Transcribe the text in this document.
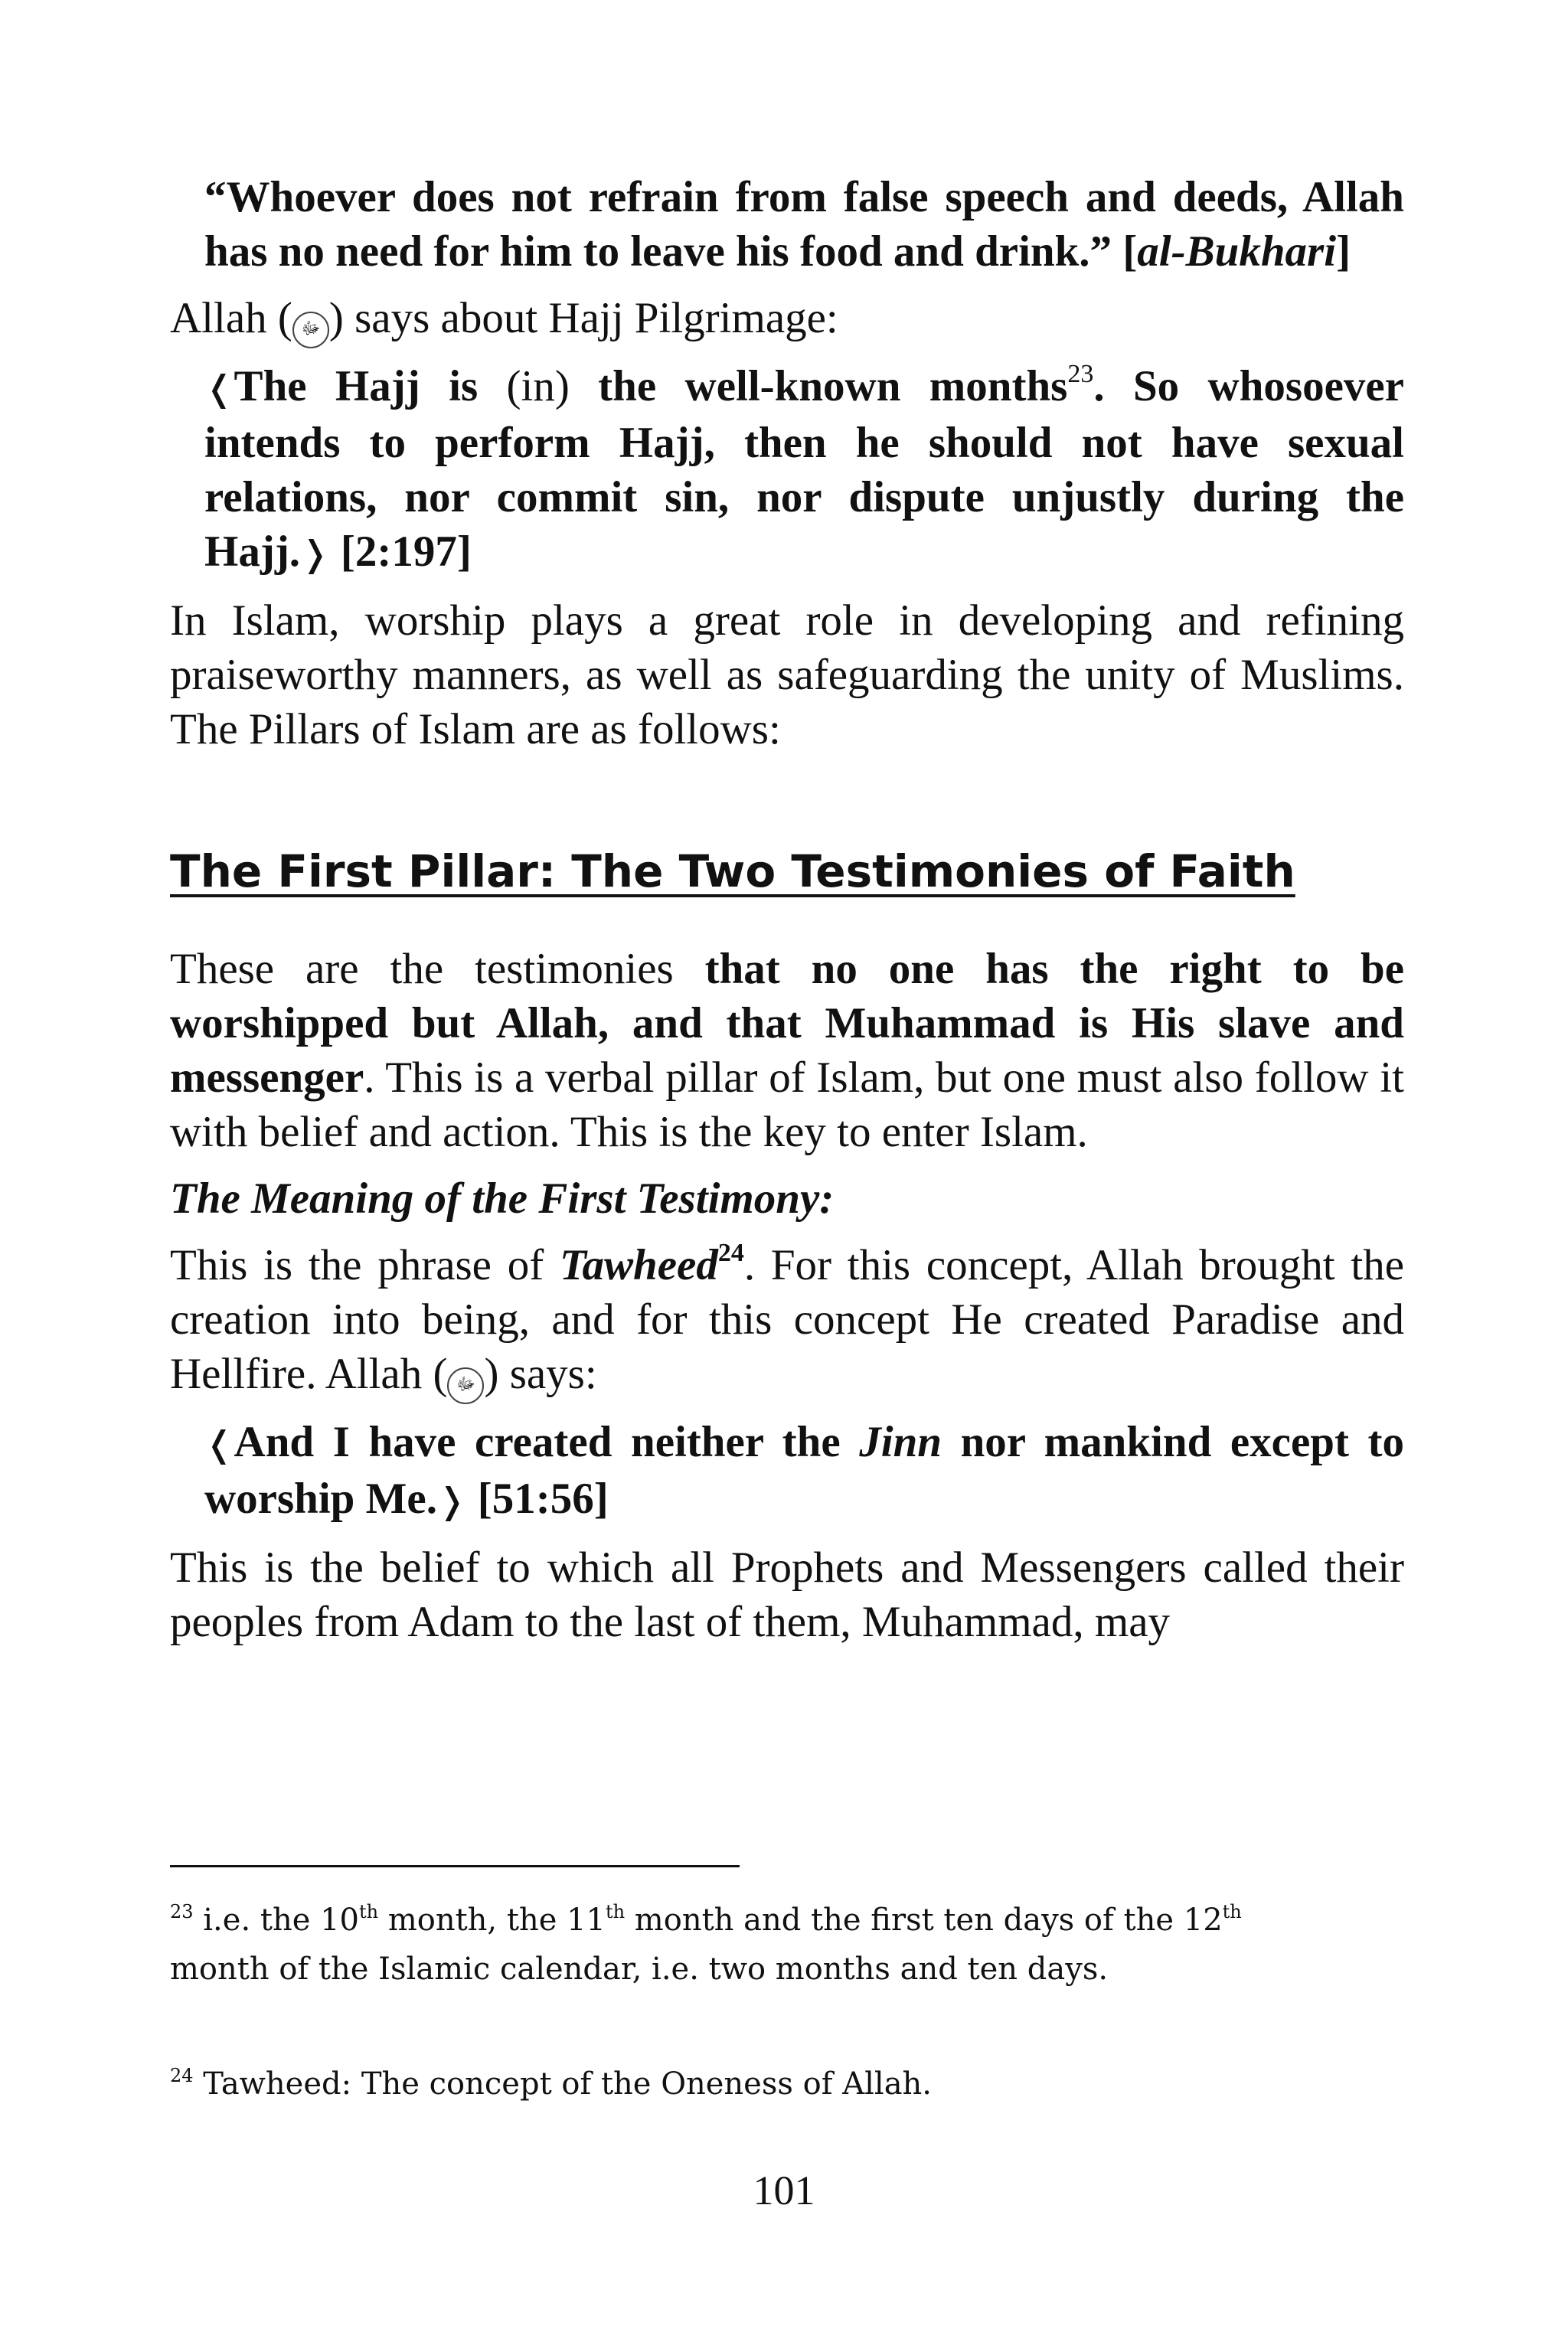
“Whoever does not refrain from false speech and deeds, Allah has no need for him to leave his food and drink.” [al-Bukhari]

Allah ( ﷻ ) says about Hajj Pilgrimage:

❬The Hajj is (in) the well-known months$^{23}$. So whosoever intends to perform Hajj, then he should not have sexual relations, nor commit sin, nor dispute unjustly during the Hajj.❭ [2:197]

In Islam, worship plays a great role in developing and refining praiseworthy manners, as well as safeguarding the unity of Muslims. The Pillars of Islam are as follows:

The First Pillar: The Two Testimonies of Faith

These are the testimonies that no one has the right to be worshipped but Allah, and that Muhammad is His slave and messenger. This is a verbal pillar of Islam, but one must also follow it with belief and action. This is the key to enter Islam.

The Meaning of the First Testimony:

This is the phrase of Tawheed$^{24}$. For this concept, Allah brought the creation into being, and for this concept He created Paradise and Hellfire. Allah ( ﷻ ) says:

❬And I have created neither the Jinn nor mankind except to worship Me.❭ [51:56]

This is the belief to which all Prophets and Messengers called their peoples from Adam to the last of them, Muhammad, may

$^{23}$ i.e. the 10th month, the 11th month and the first ten days of the 12th
month of the Islamic calendar, i.e. two months and ten days.
$^{24}$ Tawheed: The concept of the Oneness of Allah.
101
